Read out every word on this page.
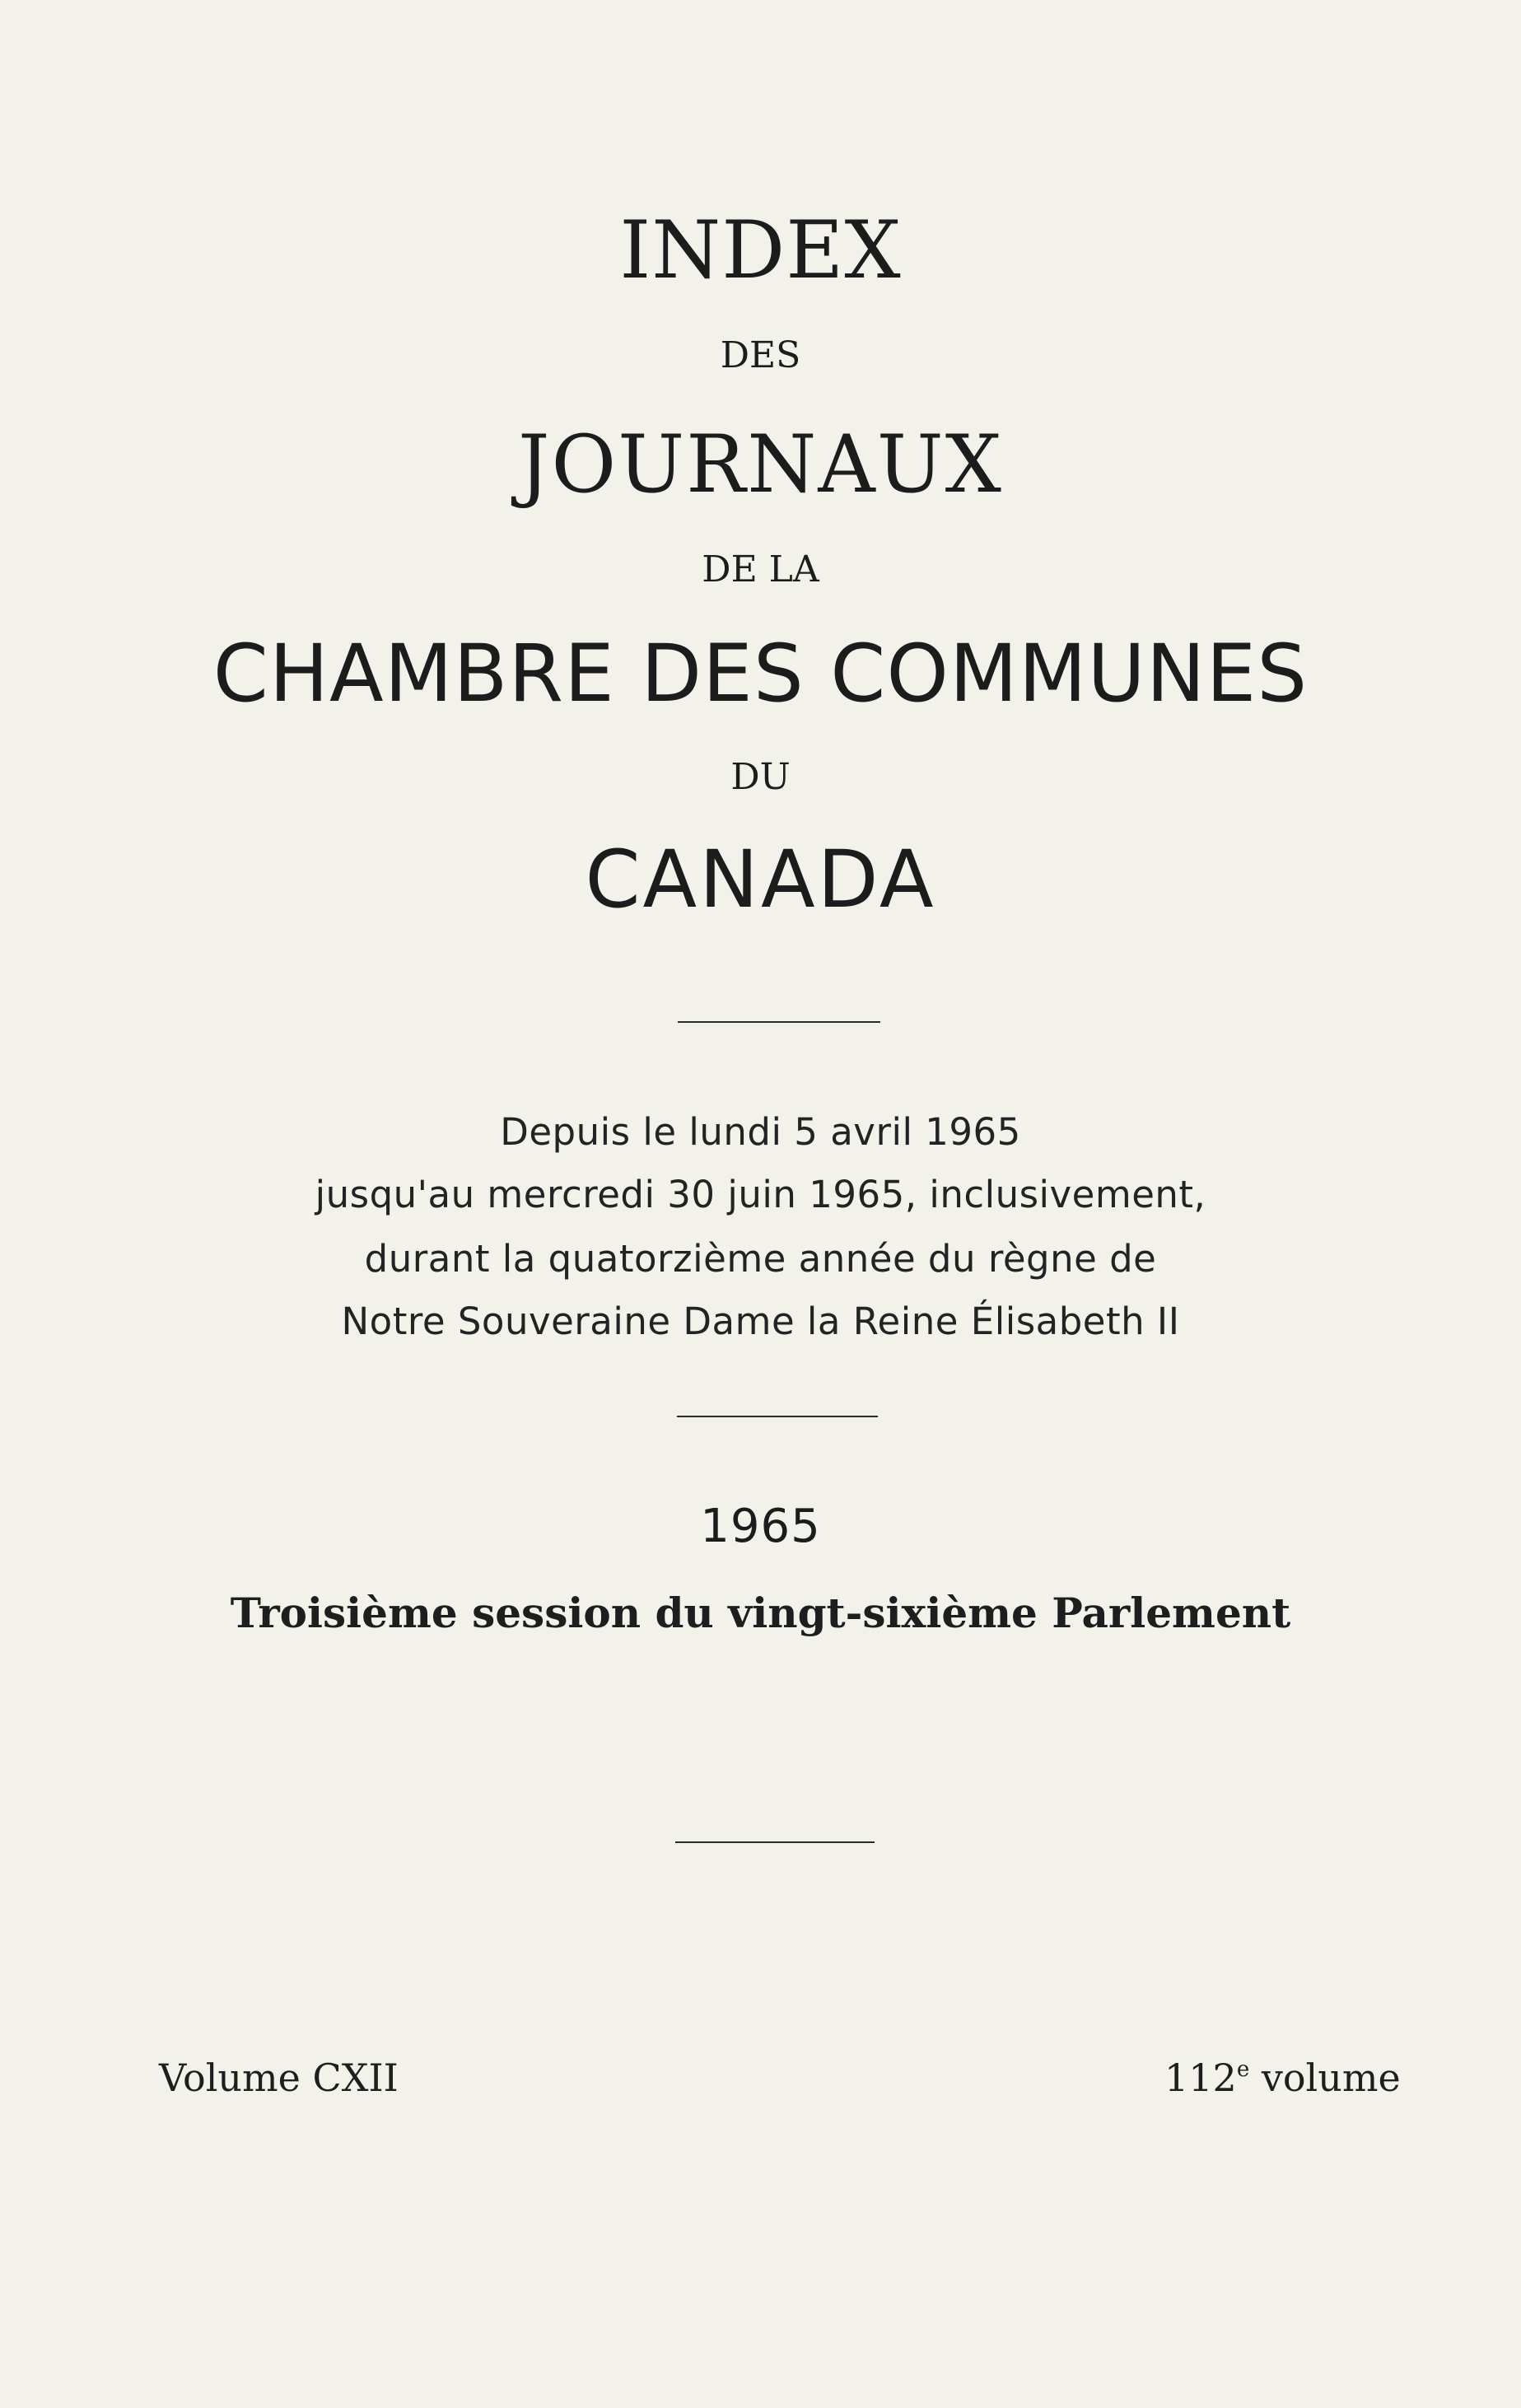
INDEX

DES

JOURNAUX

DE LA

CHAMBRE DES COMMUNES

DU

CANADA

Depuis le lundi 5 avril 1965

jusqu'au mercredi 30 juin 1965, inclusivement,

durant la quatorzième année du règne de

Notre Souveraine Dame la Reine Élisabeth II

1965

Troisième session du vingt-sixième Parlement

Volume CXII	112e volume
